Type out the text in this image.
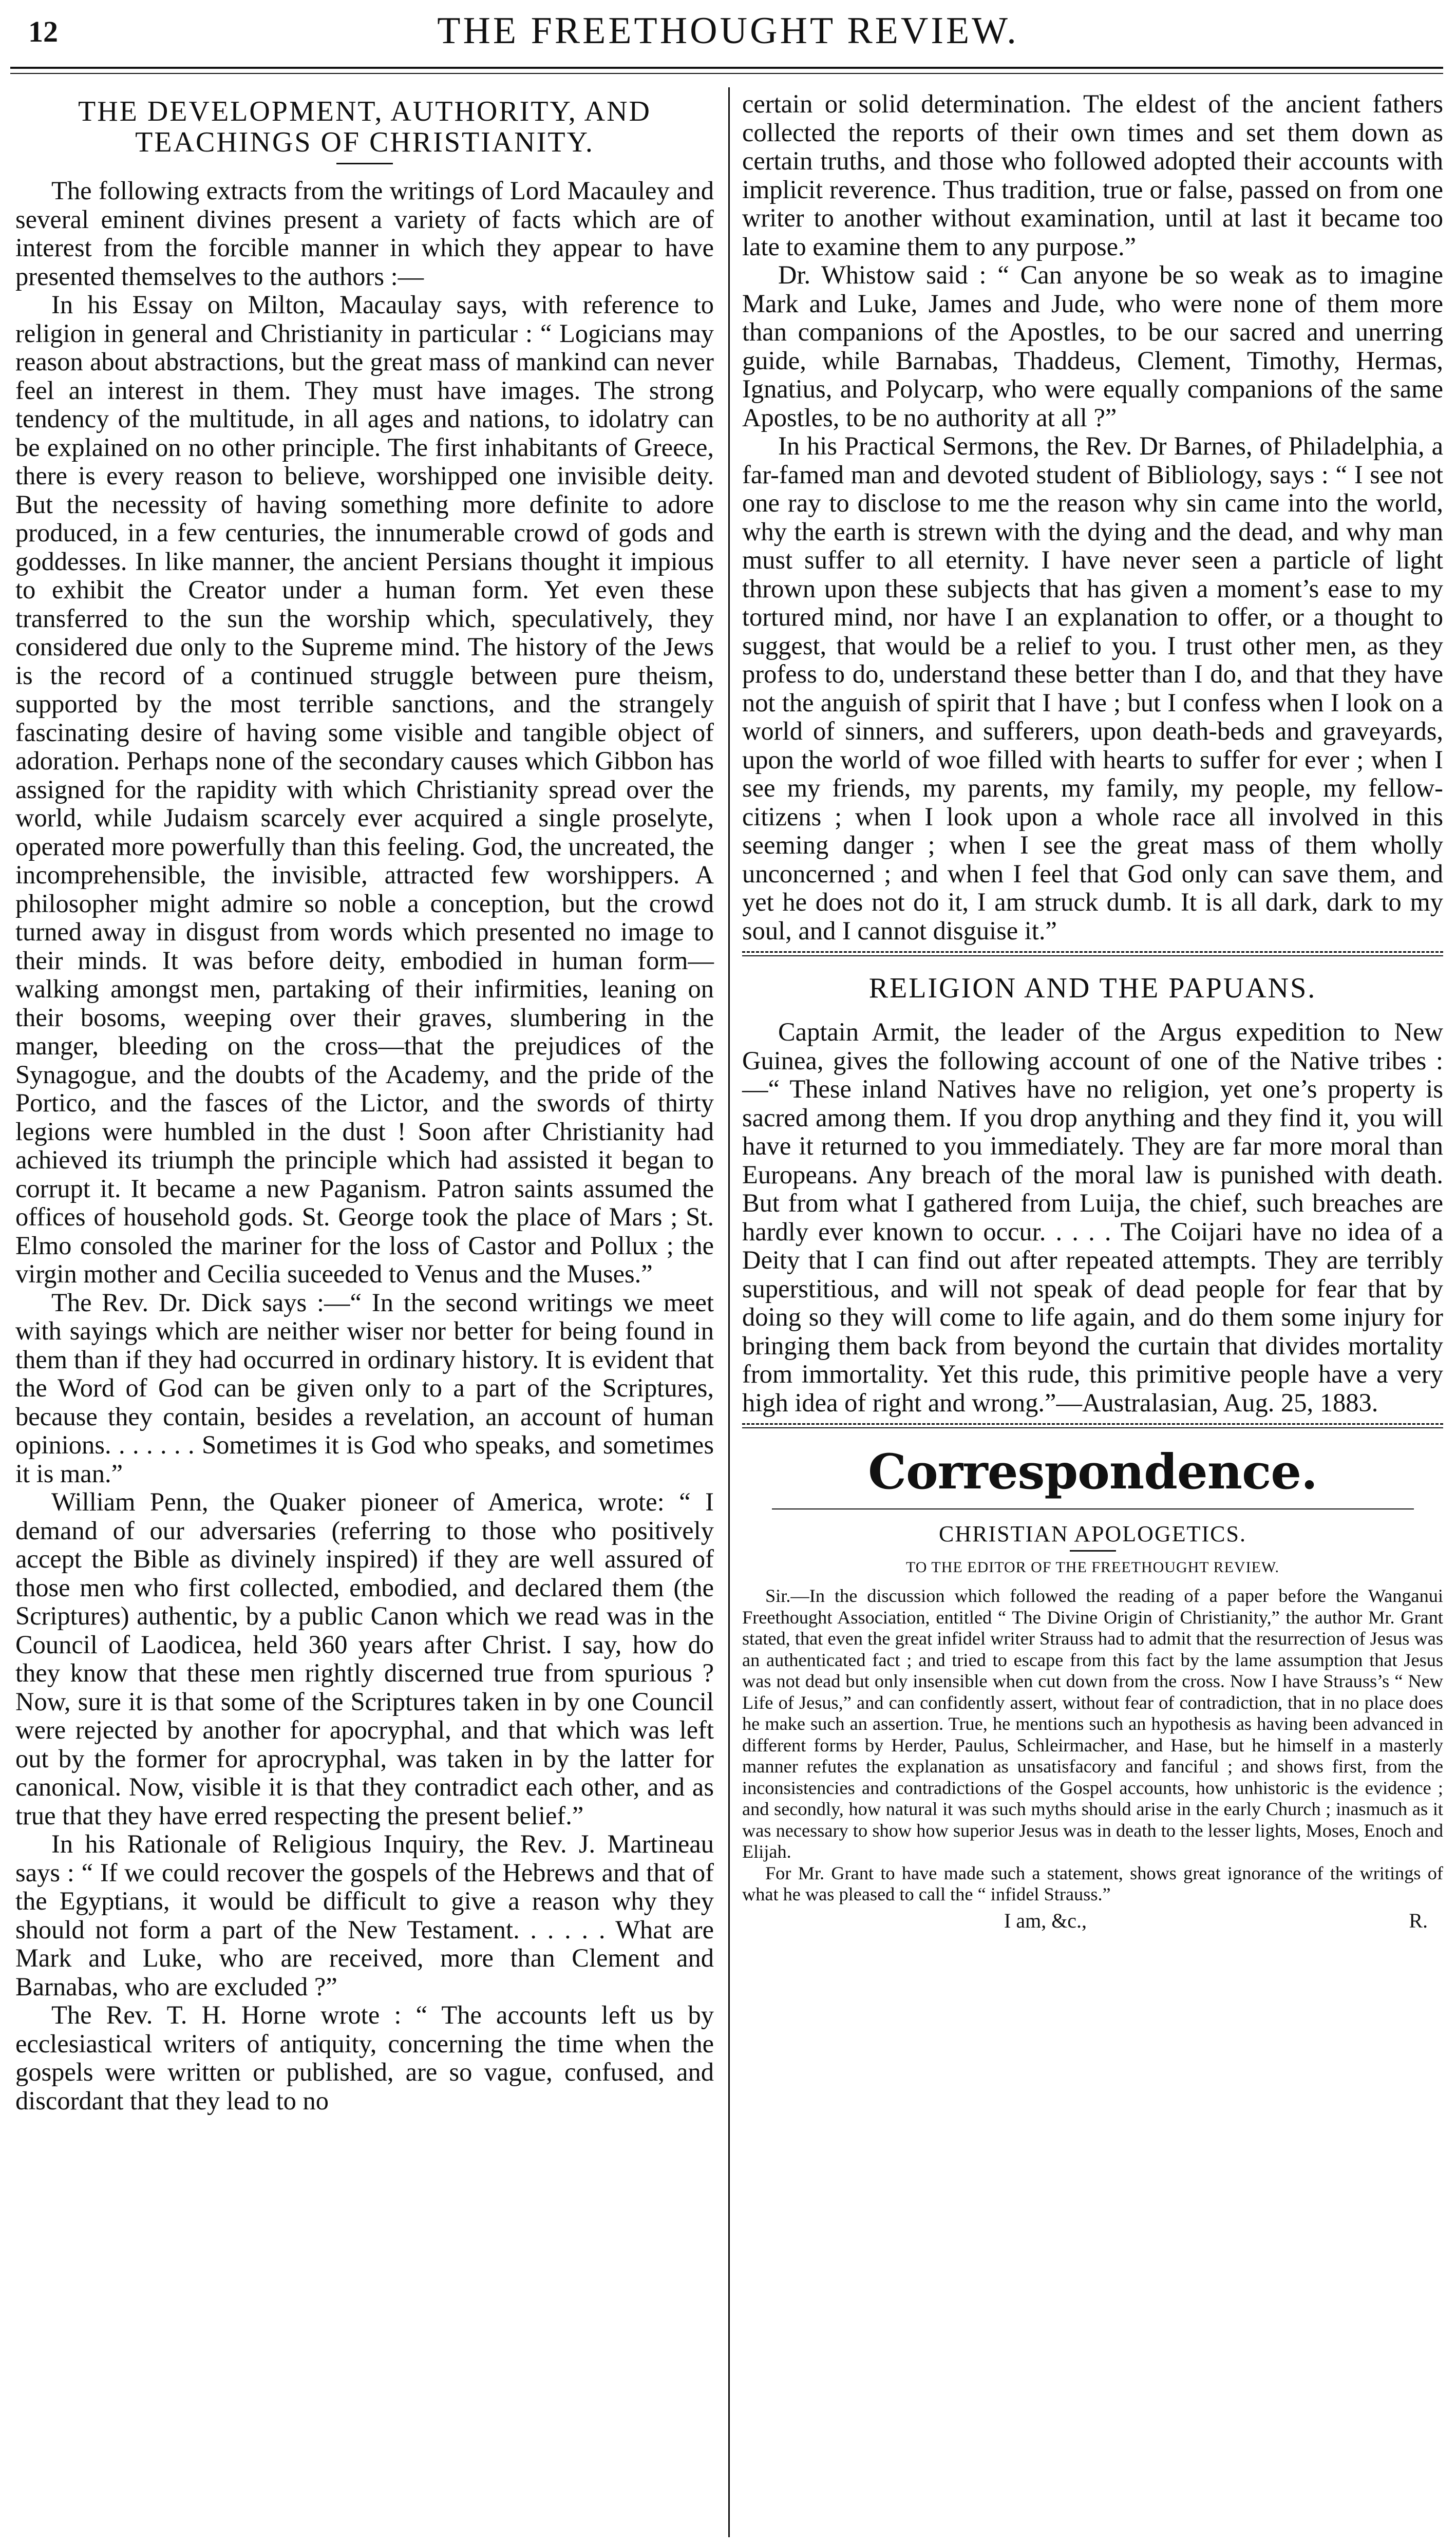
12	THE FREETHOUGHT REVIEW.
THE DEVELOPMENT, AUTHORITY, AND
TEACHINGS OF CHRISTIANITY.

The following extracts from the writings of Lord Macauley and several eminent divines present a variety of facts which are of interest from the forcible manner in which they appear to have presented themselves to the authors :—

In his Essay on Milton, Macaulay says, with reference to religion in general and Christianity in particular : “ Logicians may reason about abstractions, but the great mass of mankind can never feel an interest in them. They must have images. The strong tendency of the multitude, in all ages and nations, to idolatry can be explained on no other principle. The first inhabitants of Greece, there is every reason to believe, worshipped one invisible deity. But the necessity of having something more definite to adore produced, in a few centuries, the innumerable crowd of gods and goddesses. In like manner, the ancient Persians thought it impious to exhibit the Creator under a human form. Yet even these transferred to the sun the worship which, speculatively, they considered due only to the Supreme mind. The history of the Jews is the record of a continued struggle between pure theism, supported by the most terrible sanctions, and the strangely fascinating desire of having some visible and tangible object of adoration. Perhaps none of the secondary causes which Gibbon has assigned for the rapidity with which Christianity spread over the world, while Judaism scarcely ever acquired a single proselyte, operated more powerfully than this feeling. God, the uncreated, the incomprehensible, the invisible, attracted few worshippers. A philosopher might admire so noble a conception, but the crowd turned away in disgust from words which presented no image to their minds. It was before deity, embodied in human form—walking amongst men, partaking of their infirmities, leaning on their bosoms, weeping over their graves, slumbering in the manger, bleeding on the cross—that the prejudices of the Synagogue, and the doubts of the Academy, and the pride of the Portico, and the fasces of the Lictor, and the swords of thirty legions were humbled in the dust ! Soon after Christianity had achieved its triumph the principle which had assisted it began to corrupt it. It became a new Paganism. Patron saints assumed the offices of household gods. St. George took the place of Mars ; St. Elmo consoled the mariner for the loss of Castor and Pollux ; the virgin mother and Cecilia suceeded to Venus and the Muses.”

The Rev. Dr. Dick says :—“ In the second writings we meet with sayings which are neither wiser nor better for being found in them than if they had occurred in ordinary history. It is evident that the Word of God can be given only to a part of the Scriptures, because they contain, besides a revelation, an account of human opinions. . . . . . . Sometimes it is God who speaks, and sometimes it is man.”

William Penn, the Quaker pioneer of America, wrote: “ I demand of our adversaries (referring to those who positively accept the Bible as divinely inspired) if they are well assured of those men who first collected, embodied, and declared them (the Scriptures) authentic, by a public Canon which we read was in the Council of Laodicea, held 360 years after Christ. I say, how do they know that these men rightly discerned true from spurious ? Now, sure it is that some of the Scriptures taken in by one Council were rejected by another for apocryphal, and that which was left out by the former for aprocryphal, was taken in by the latter for canonical. Now, visible it is that they contradict each other, and as true that they have erred respecting the present belief.”

In his Rationale of Religious Inquiry, the Rev. J. Martineau says : “ If we could recover the gospels of the Hebrews and that of the Egyptians, it would be difficult to give a reason why they should not form a part of the New Testament. . . . . . What are Mark and Luke, who are received, more than Clement and Barnabas, who are excluded ?”

The Rev. T. H. Horne wrote : “ The accounts left us by ecclesiastical writers of antiquity, concerning the time when the gospels were written or published, are so vague, confused, and discordant that they lead to no

certain or solid determination. The eldest of the ancient fathers collected the reports of their own times and set them down as certain truths, and those who followed adopted their accounts with implicit reverence. Thus tradition, true or false, passed on from one writer to another without examination, until at last it became too late to examine them to any purpose.”

Dr. Whistow said : “ Can anyone be so weak as to imagine Mark and Luke, James and Jude, who were none of them more than companions of the Apostles, to be our sacred and unerring guide, while Barnabas, Thaddeus, Clement, Timothy, Hermas, Ignatius, and Polycarp, who were equally companions of the same Apostles, to be no authority at all ?”

In his Practical Sermons, the Rev. Dr Barnes, of Philadelphia, a far-famed man and devoted student of Bibliology, says : “ I see not one ray to disclose to me the reason why sin came into the world, why the earth is strewn with the dying and the dead, and why man must suffer to all eternity. I have never seen a particle of light thrown upon these subjects that has given a moment’s ease to my tortured mind, nor have I an explanation to offer, or a thought to suggest, that would be a relief to you. I trust other men, as they profess to do, understand these better than I do, and that they have not the anguish of spirit that I have ; but I confess when I look on a world of sinners, and sufferers, upon death-beds and graveyards, upon the world of woe filled with hearts to suffer for ever ; when I see my friends, my parents, my family, my people, my fellow-citizens ; when I look upon a whole race all involved in this seeming danger ; when I see the great mass of them wholly unconcerned ; and when I feel that God only can save them, and yet he does not do it, I am struck dumb. It is all dark, dark to my soul, and I cannot disguise it.”

RELIGION AND THE PAPUANS.

Captain Armit, the leader of the Argus expedition to New Guinea, gives the following account of one of the Native tribes :—“ These inland Natives have no religion, yet one’s property is sacred among them. If you drop anything and they find it, you will have it returned to you immediately. They are far more moral than Europeans. Any breach of the moral law is punished with death. But from what I gathered from Luija, the chief, such breaches are hardly ever known to occur. . . . . The Coijari have no idea of a Deity that I can find out after repeated attempts. They are terribly superstitious, and will not speak of dead people for fear that by doing so they will come to life again, and do them some injury for bringing them back from beyond the curtain that divides mortality from immortality. Yet this rude, this primitive people have a very high idea of right and wrong.”—Australasian, Aug. 25, 1883.

Correspondence.
CHRISTIAN APOLOGETICS.
TO THE EDITOR OF THE FREETHOUGHT REVIEW.

Sir.—In the discussion which followed the reading of a paper before the Wanganui Freethought Association, entitled “ The Divine Origin of Christianity,” the author Mr. Grant stated, that even the great infidel writer Strauss had to admit that the resurrection of Jesus was an authenticated fact ; and tried to escape from this fact by the lame assumption that Jesus was not dead but only insensible when cut down from the cross. Now I have Strauss’s “ New Life of Jesus,” and can confidently assert, without fear of contradiction, that in no place does he make such an assertion. True, he mentions such an hypothesis as having been advanced in different forms by Herder, Paulus, Schleirmacher, and Hase, but he himself in a masterly manner refutes the explanation as unsatisfacory and fanciful ; and shows first, from the inconsistencies and contradictions of the Gospel accounts, how unhistoric is the evidence ; and secondly, how natural it was such myths should arise in the early Church ; inasmuch as it was necessary to show how superior Jesus was in death to the lesser lights, Moses, Enoch and Elijah.

For Mr. Grant to have made such a statement, shows great ignorance of the writings of what he was pleased to call the “ infidel Strauss.”

I am, &c.,	R.
